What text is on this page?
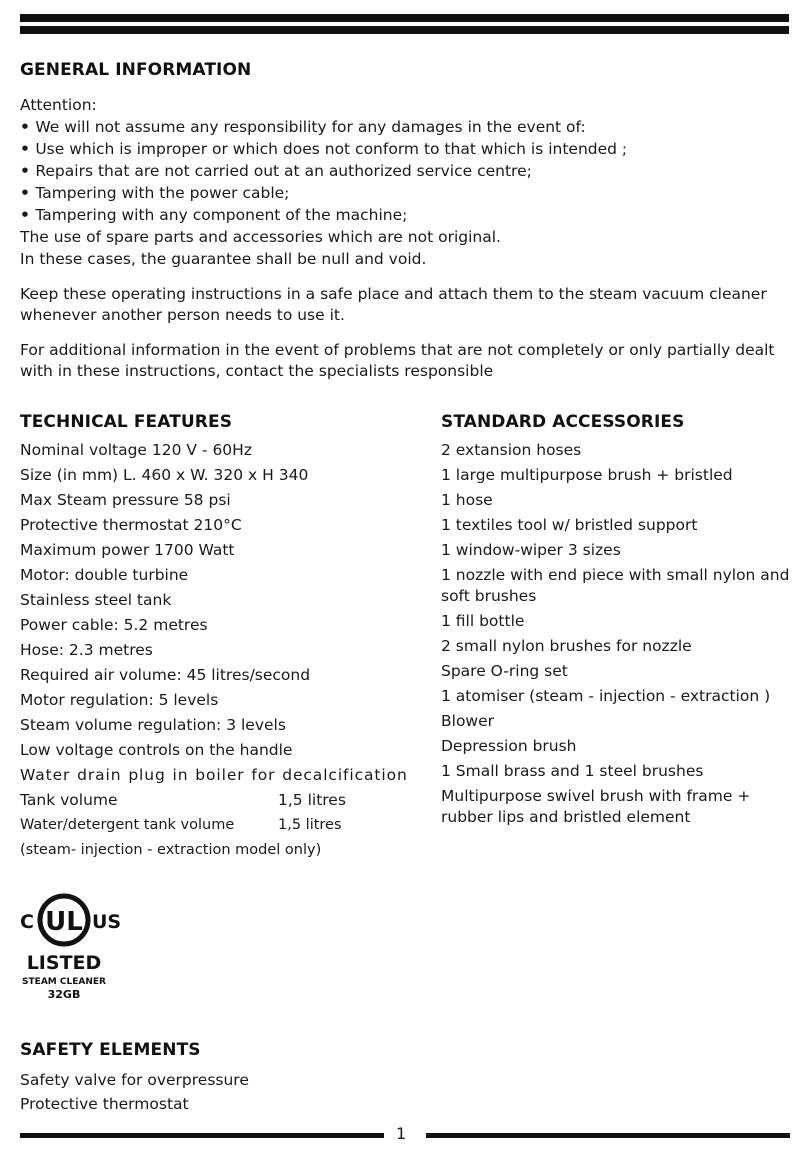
GENERAL INFORMATION

Attention:

• We will not assume any responsibility for any damages in the event of:

• Use which is improper or which does not conform to that which is intended ;

• Repairs that are not carried out at an authorized service centre;

• Tampering with the power cable;

• Tampering with any component of the machine;

The use of spare parts and accessories which are not original.

In these cases, the guarantee shall be null and void.

Keep these operating instructions in a safe place and attach them to the steam vacuum cleaner whenever another person needs to use it.

For additional information in the event of problems that are not completely or only partially dealt with in these instructions, contact the specialists responsible

TECHNICAL FEATURES
Nominal voltage 120 V - 60Hz
Size (in mm) L. 460 x W. 320 x H 340
Max Steam pressure 58 psi
Protective thermostat 210°C
Maximum power 1700 Watt
Motor: double turbine
Stainless steel tank
Power cable: 5.2 metres
Hose: 2.3 metres
Required air volume: 45 litres/second
Motor regulation: 5 levels
Steam volume regulation: 3 levels
Low voltage controls on the handle
Water drain plug in boiler for decalcification
Tank volume	1,5 litres
Water/detergent tank volume	1,5 litres
(steam- injection - extraction model only)
STANDARD ACCESSORIES
2 extansion hoses
1 large multipurpose brush + bristled
1 hose
1 textiles tool w/ bristled support
1 window-wiper 3 sizes
1 nozzle with end piece with small nylon and soft brushes
1 fill bottle
2 small nylon brushes for nozzle
Spare O-ring set
1 atomiser (steam - injection - extraction )
Blower
Depression brush
1 Small brass and 1 steel brushes
Multipurpose swivel brush with frame + rubber lips and bristled element
C UL US
LISTED
STEAM CLEANER
32GB
SAFETY ELEMENTS
Safety valve for overpressure
Protective thermostat
1
